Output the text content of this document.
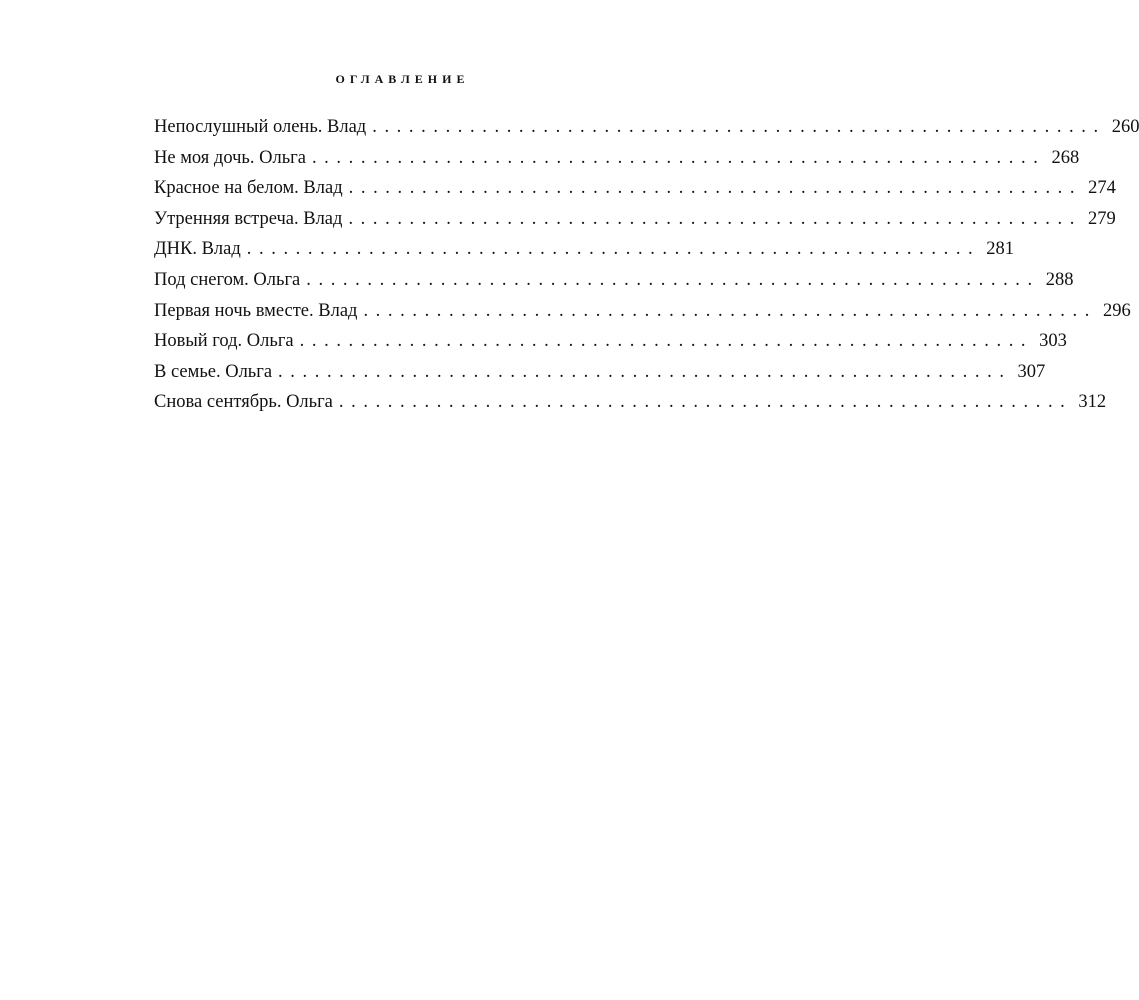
ОГЛАВЛЕНИЕ
Непослушный олень. Влад ............................................................ 260
Не моя дочь. Ольга ............................................................ 268
Красное на белом. Влад ............................................................ 274
Утренняя встреча. Влад ............................................................ 279
ДНК. Влад ............................................................ 281
Под снегом. Ольга ............................................................ 288
Первая ночь вместе. Влад ............................................................ 296
Новый год. Ольга ............................................................ 303
В семье. Ольга ............................................................ 307
Снова сентябрь. Ольга ............................................................ 312
